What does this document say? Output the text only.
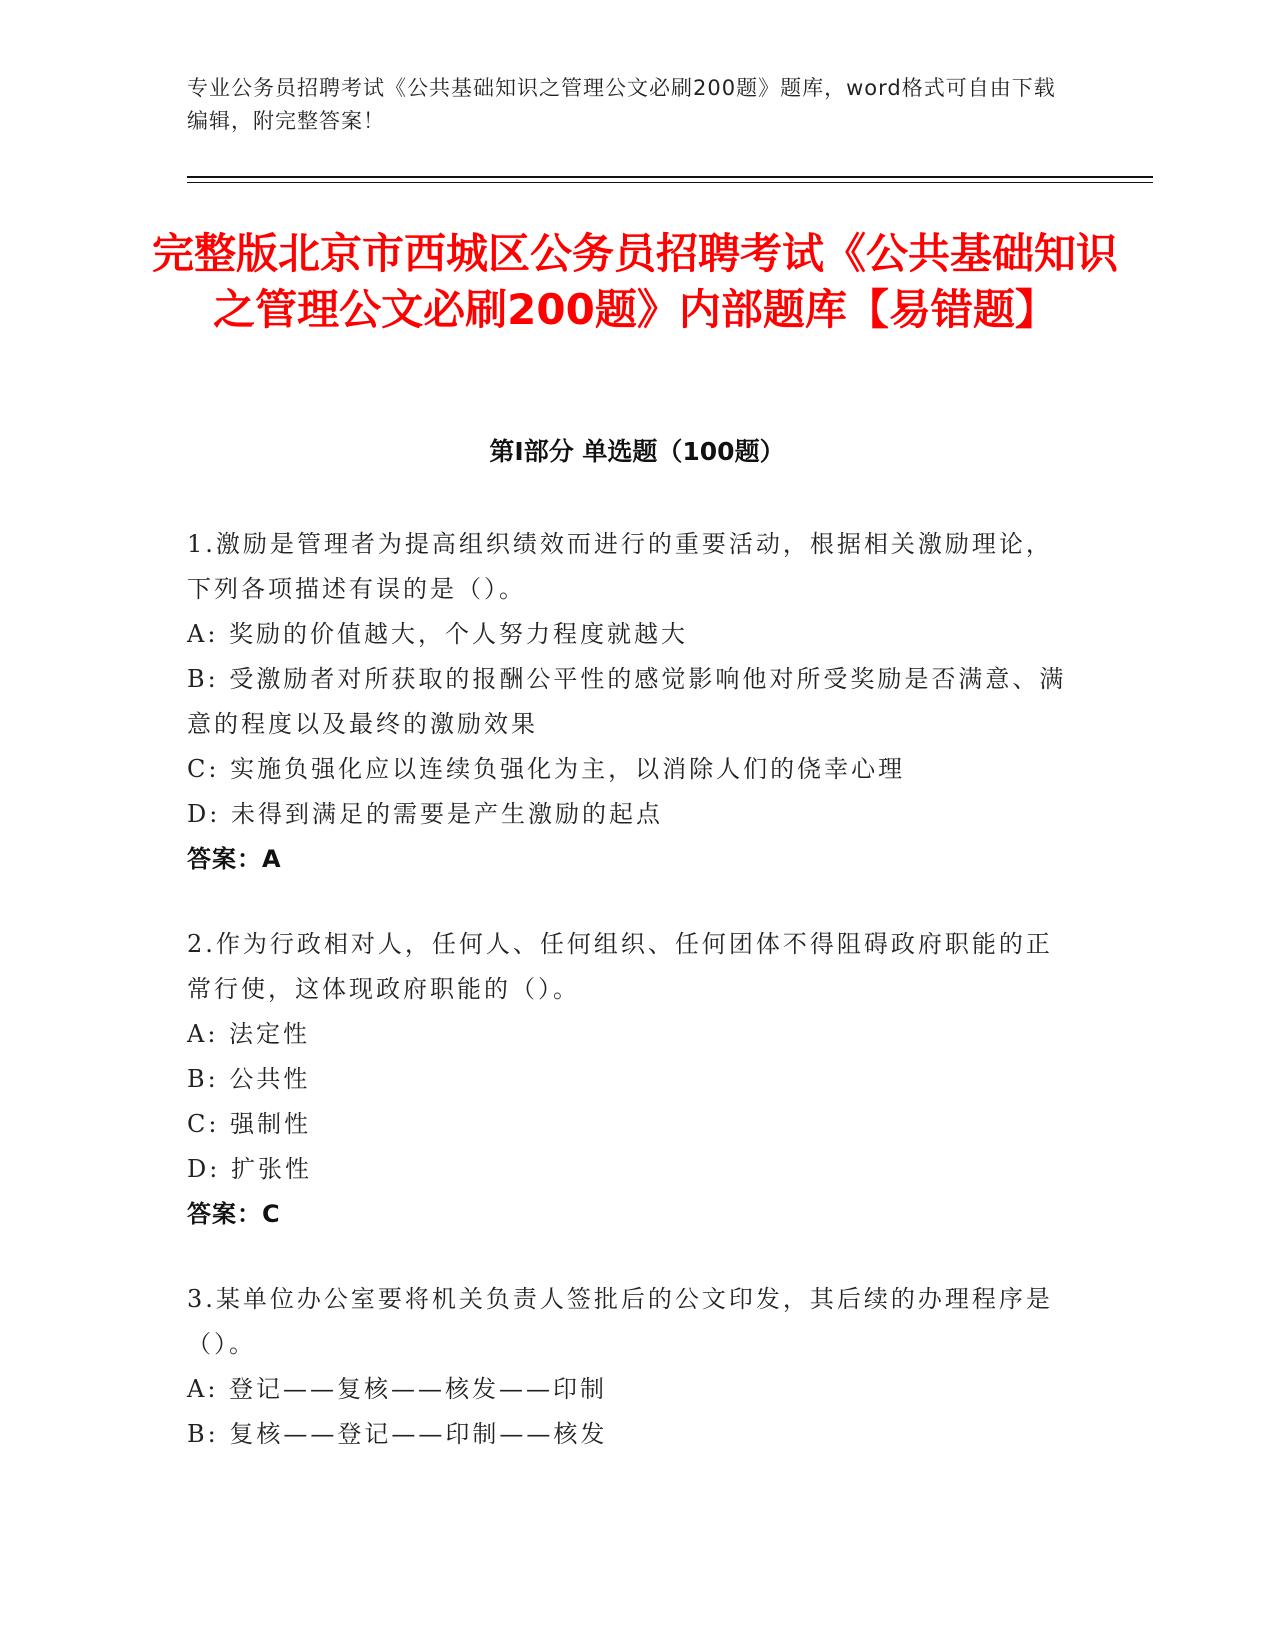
专业公务员招聘考试《公共基础知识之管理公文必刷200题》题库，word格式可自由下载编辑，附完整答案！
完整版北京市西城区公务员招聘考试《公共基础知识之管理公文必刷200题》内部题库【易错题】
第I部分 单选题（100题）

1.激励是管理者为提高组织绩效而进行的重要活动，根据相关激励理论，下列各项描述有误的是（）。

A: 奖励的价值越大，个人努力程度就越大

B: 受激励者对所获取的报酬公平性的感觉影响他对所受奖励是否满意、满意的程度以及最终的激励效果

C: 实施负强化应以连续负强化为主，以消除人们的侥幸心理

D: 未得到满足的需要是产生激励的起点

答案：A

2.作为行政相对人，任何人、任何组织、任何团体不得阻碍政府职能的正常行使，这体现政府职能的（）。

A: 法定性

B: 公共性

C: 强制性

D: 扩张性

答案：C

3.某单位办公室要将机关负责人签批后的公文印发，其后续的办理程序是（）。

A: 登记——复核——核发——印制

B: 复核——登记——印制——核发
